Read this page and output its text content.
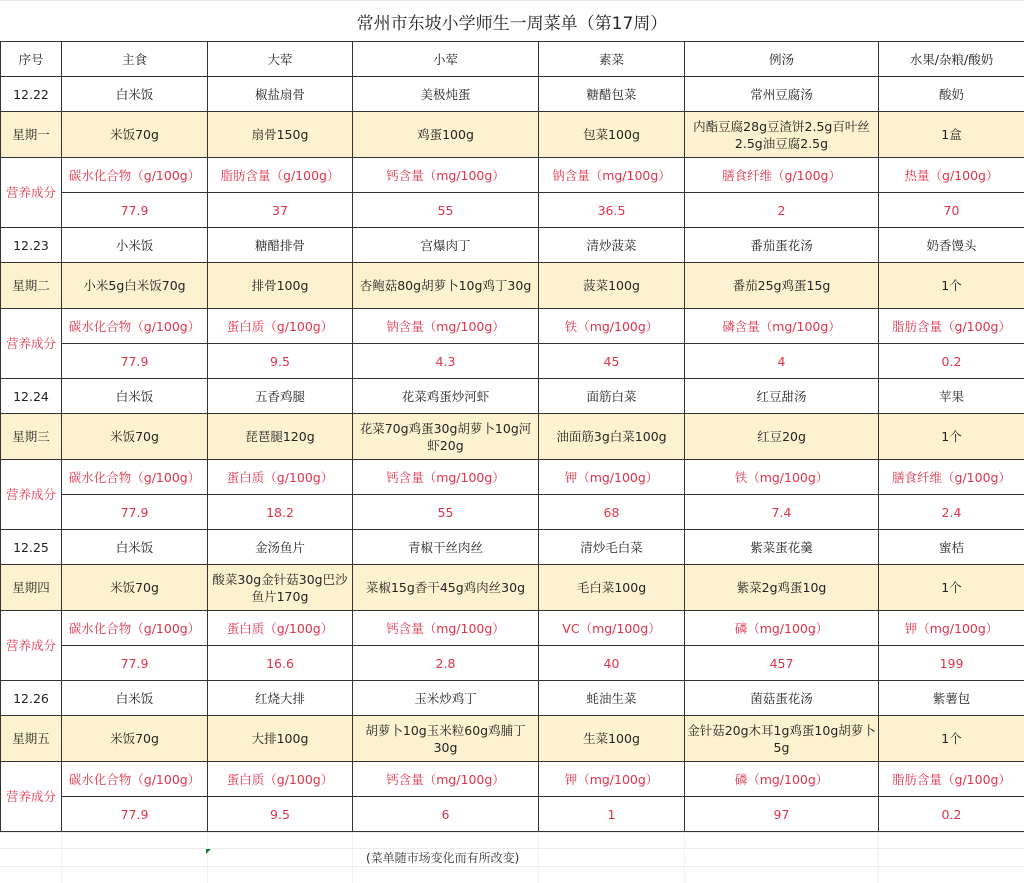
常州市东坡小学师生一周菜单（第17周）
序号	主食	大荤	小荤	素菜	例汤	水果/杂粮/酸奶
12.22	白米饭	椒盐扇骨	美极炖蛋	糖醋包菜	常州豆腐汤	酸奶
星期一	米饭70g	扇骨150g	鸡蛋100g	包菜100g	内酯豆腐28g豆渣饼2.5g百叶丝2.5g油豆腐2.5g	1盒
营养成分	碳水化合物（g/100g）	脂肪含量（g/100g）	钙含量（mg/100g）	钠含量（mg/100g）	膳食纤维（g/100g）	热量（g/100g）
	77.9	37	55	36.5	2	70
12.23	小米饭	糖醋排骨	宫爆肉丁	清炒菠菜	番茄蛋花汤	奶香馒头
星期二	小米5g白米饭70g	排骨100g	杏鲍菇80g胡萝卜10g鸡丁30g	菠菜100g	番茄25g鸡蛋15g	1个
营养成分	碳水化合物（g/100g）	蛋白质（g/100g）	钠含量（mg/100g）	铁（mg/100g）	磷含量（mg/100g）	脂肪含量（g/100g）
	77.9	9.5	4.3	45	4	0.2
12.24	白米饭	五香鸡腿	花菜鸡蛋炒河虾	面筋白菜	红豆甜汤	苹果
星期三	米饭70g	琵琶腿120g	花菜70g鸡蛋30g胡萝卜10g河虾20g	油面筋3g白菜100g	红豆20g	1个
营养成分	碳水化合物（g/100g）	蛋白质（g/100g）	钙含量（mg/100g）	钾（mg/100g）	铁（mg/100g）	膳食纤维（g/100g）
	77.9	18.2	55	68	7.4	2.4
12.25	白米饭	金汤鱼片	青椒干丝肉丝	清炒毛白菜	紫菜蛋花羹	蜜桔
星期四	米饭70g	酸菜30g金针菇30g巴沙鱼片170g	菜椒15g香干45g鸡肉丝30g	毛白菜100g	紫菜2g鸡蛋10g	1个
营养成分	碳水化合物（g/100g）	蛋白质（g/100g）	钙含量（mg/100g）	VC（mg/100g）	磷（mg/100g）	钾（mg/100g）
	77.9	16.6	2.8	40	457	199
12.26	白米饭	红烧大排	玉米炒鸡丁	蚝油生菜	菌菇蛋花汤	紫薯包
星期五	米饭70g	大排100g	胡萝卜10g玉米粒60g鸡脯丁30g	生菜100g	金针菇20g木耳1g鸡蛋10g胡萝卜5g	1个
营养成分	碳水化合物（g/100g）	蛋白质（g/100g）	钙含量（mg/100g）	钾（mg/100g）	磷（mg/100g）	脂肪含量（g/100g）
	77.9	9.5	6	1	97	0.2
(菜单随市场变化而有所改变)
